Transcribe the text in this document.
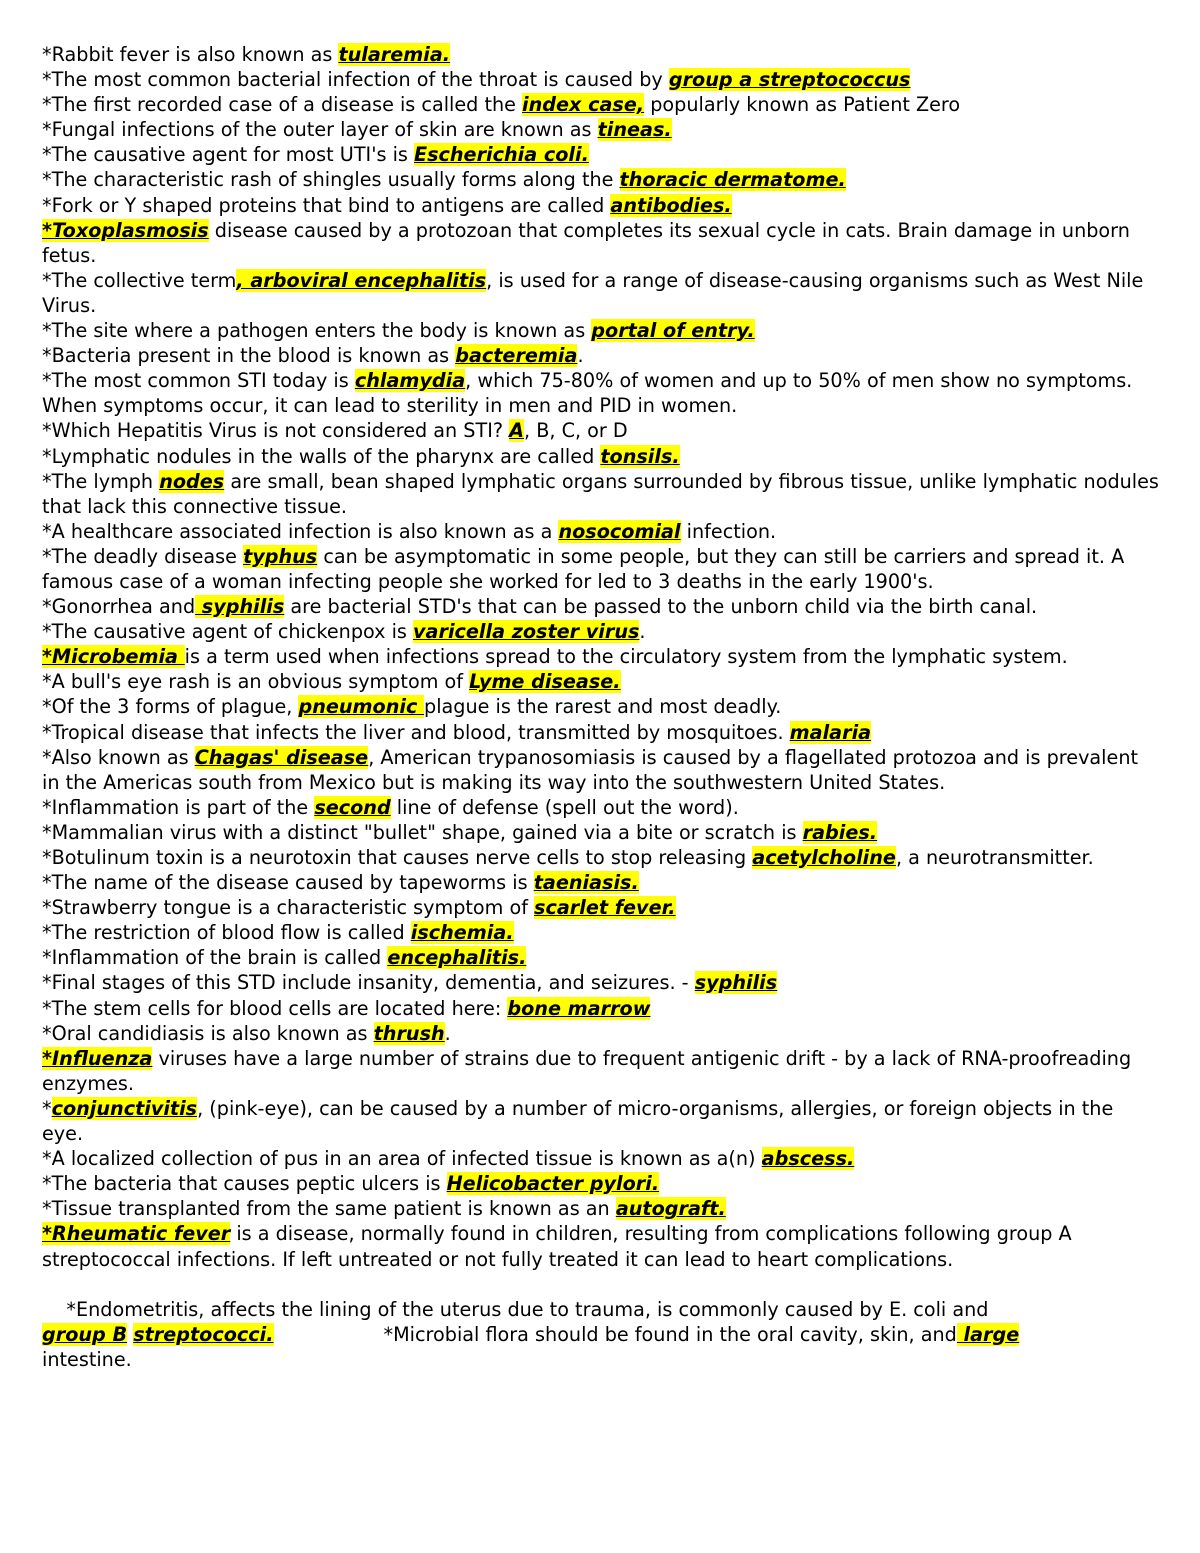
*Rabbit fever is also known as tularemia.
*The most common bacterial infection of the throat is caused by group a streptococcus
*The first recorded case of a disease is called the index case, popularly known as Patient Zero
*Fungal infections of the outer layer of skin are known as tineas.
*The causative agent for most UTI's is Escherichia coli.
*The characteristic rash of shingles usually forms along the thoracic dermatome.
*Fork or Y shaped proteins that bind to antigens are called antibodies.
*Toxoplasmosis disease caused by a protozoan that completes its sexual cycle in cats. Brain damage in unborn fetus.
*The collective term, arboviral encephalitis, is used for a range of disease-causing organisms such as West Nile Virus.
*The site where a pathogen enters the body is known as portal of entry.
*Bacteria present in the blood is known as bacteremia.
*The most common STI today is chlamydia, which 75-80% of women and up to 50% of men show no symptoms. When symptoms occur, it can lead to sterility in men and PID in women.
*Which Hepatitis Virus is not considered an STI? A, B, C, or D
*Lymphatic nodules in the walls of the pharynx are called tonsils.
*The lymph nodes are small, bean shaped lymphatic organs surrounded by fibrous tissue, unlike lymphatic nodules that lack this connective tissue.
*A healthcare associated infection is also known as a nosocomial infection.
*The deadly disease typhus can be asymptomatic in some people, but they can still be carriers and spread it. A famous case of a woman infecting people she worked for led to 3 deaths in the early 1900's.
*Gonorrhea and syphilis are bacterial STD's that can be passed to the unborn child via the birth canal.
*The causative agent of chickenpox is varicella zoster virus.
*Microbemia is a term used when infections spread to the circulatory system from the lymphatic system.
*A bull's eye rash is an obvious symptom of Lyme disease.
*Of the 3 forms of plague, pneumonic plague is the rarest and most deadly.
*Tropical disease that infects the liver and blood, transmitted by mosquitoes. malaria
*Also known as Chagas' disease, American trypanosomiasis is caused by a flagellated protozoa and is prevalent in the Americas south from Mexico but is making its way into the southwestern United States.
*Inflammation is part of the second line of defense (spell out the word).
*Mammalian virus with a distinct "bullet" shape, gained via a bite or scratch is rabies.
*Botulinum toxin is a neurotoxin that causes nerve cells to stop releasing acetylcholine, a neurotransmitter.
*The name of the disease caused by tapeworms is taeniasis.
*Strawberry tongue is a characteristic symptom of scarlet fever.
*The restriction of blood flow is called ischemia.
*Inflammation of the brain is called encephalitis.
*Final stages of this STD include insanity, dementia, and seizures. - syphilis
*The stem cells for blood cells are located here: bone marrow
*Oral candidiasis is also known as thrush.
*Influenza viruses have a large number of strains due to frequent antigenic drift - by a lack of RNA-proofreading enzymes.
*conjunctivitis, (pink-eye), can be caused by a number of micro-organisms, allergies, or foreign objects in the eye.
*A localized collection of pus in an area of infected tissue is known as a(n) abscess.
*The bacteria that causes peptic ulcers is Helicobacter pylori.
*Tissue transplanted from the same patient is known as an autograft.
*Rheumatic fever is a disease, normally found in children, resulting from complications following group A streptococcal infections. If left untreated or not fully treated it can lead to heart complications.

*Endometritis, affects the lining of the uterus due to trauma, is commonly caused by E. coli and
group B streptococci.	*Microbial flora should be found in the oral cavity, skin, and large
intestine.
